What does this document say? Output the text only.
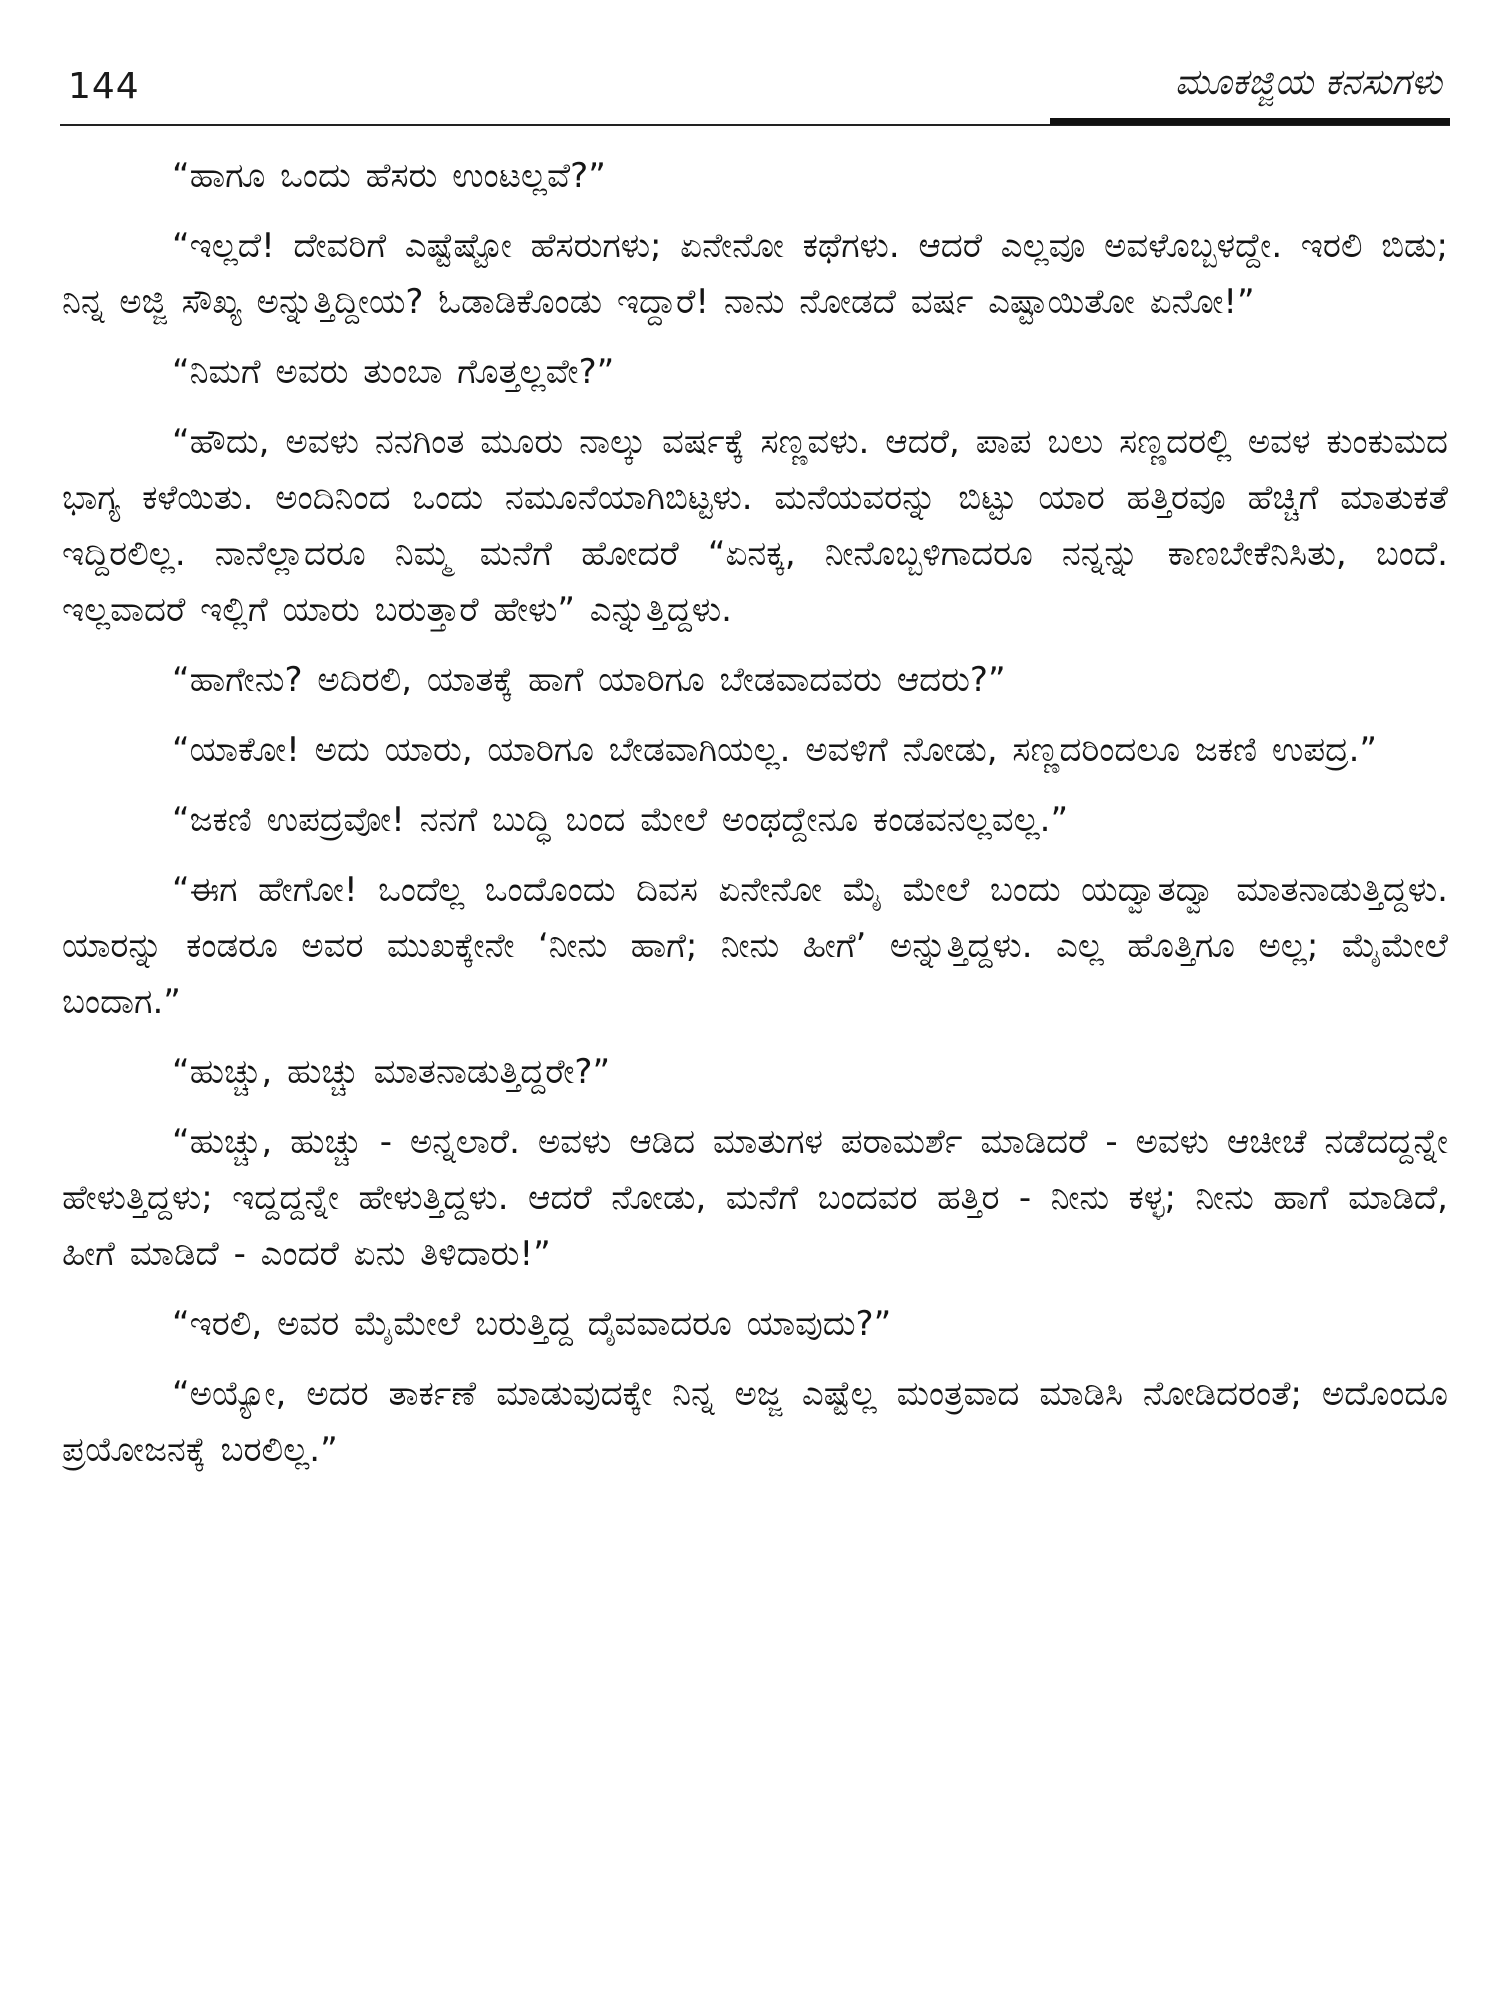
144	ಮೂಕಜ್ಜಿಯ ಕನಸುಗಳು

“ಹಾಗೂ ಒಂದು ಹೆಸರು ಉಂಟಲ್ಲವೆ?”

“ಇಲ್ಲದೆ! ದೇವರಿಗೆ ಎಷ್ಟೆಷ್ಟೋ ಹೆಸರುಗಳು; ಏನೇನೋ ಕಥೆಗಳು. ಆದರೆ ಎಲ್ಲವೂ ಅವಳೊಬ್ಬಳದ್ದೇ. ಇರಲಿ ಬಿಡು; ನಿನ್ನ ಅಜ್ಜಿ ಸೌಖ್ಯ ಅನ್ನುತ್ತಿದ್ದೀಯ? ಓಡಾಡಿಕೊಂಡು ಇದ್ದಾರೆ! ನಾನು ನೋಡದೆ ವರ್ಷ ಎಷ್ಟಾಯಿತೋ ಏನೋ!”

“ನಿಮಗೆ ಅವರು ತುಂಬಾ ಗೊತ್ತಲ್ಲವೇ?”

“ಹೌದು, ಅವಳು ನನಗಿಂತ ಮೂರು ನಾಲ್ಕು ವರ್ಷಕ್ಕೆ ಸಣ್ಣವಳು. ಆದರೆ, ಪಾಪ ಬಲು ಸಣ್ಣದರಲ್ಲಿ ಅವಳ ಕುಂಕುಮದ ಭಾಗ್ಯ ಕಳೆಯಿತು. ಅಂದಿನಿಂದ ಒಂದು ನಮೂನೆಯಾಗಿಬಿಟ್ಟಳು. ಮನೆಯವರನ್ನು ಬಿಟ್ಟು ಯಾರ ಹತ್ತಿರವೂ ಹೆಚ್ಚಿಗೆ ಮಾತುಕತೆ ಇದ್ದಿರಲಿಲ್ಲ. ನಾನೆಲ್ಲಾದರೂ ನಿಮ್ಮ ಮನೆಗೆ ಹೋದರೆ “ಏನಕ್ಕ, ನೀನೊಬ್ಬಳಿಗಾದರೂ ನನ್ನನ್ನು ಕಾಣಬೇಕೆನಿಸಿತು, ಬಂದೆ. ಇಲ್ಲವಾದರೆ ಇಲ್ಲಿಗೆ ಯಾರು ಬರುತ್ತಾರೆ ಹೇಳು” ಎನ್ನುತ್ತಿದ್ದಳು.

“ಹಾಗೇನು? ಅದಿರಲಿ, ಯಾತಕ್ಕೆ ಹಾಗೆ ಯಾರಿಗೂ ಬೇಡವಾದವರು ಆದರು?”

“ಯಾಕೋ! ಅದು ಯಾರು, ಯಾರಿಗೂ ಬೇಡವಾಗಿಯಲ್ಲ. ಅವಳಿಗೆ ನೋಡು, ಸಣ್ಣದರಿಂದಲೂ ಜಕಣಿ ಉಪದ್ರ.”

“ಜಕಣಿ ಉಪದ್ರವೋ! ನನಗೆ ಬುದ್ಧಿ ಬಂದ ಮೇಲೆ ಅಂಥದ್ದೇನೂ ಕಂಡವನಲ್ಲವಲ್ಲ.”

“ಈಗ ಹೇಗೋ! ಒಂದೆಲ್ಲ ಒಂದೊಂದು ದಿವಸ ಏನೇನೋ ಮೈ ಮೇಲೆ ಬಂದು ಯದ್ವಾತದ್ವಾ ಮಾತನಾಡುತ್ತಿದ್ದಳು. ಯಾರನ್ನು ಕಂಡರೂ ಅವರ ಮುಖಕ್ಕೇನೇ ‘ನೀನು ಹಾಗೆ; ನೀನು ಹೀಗೆ’ ಅನ್ನುತ್ತಿದ್ದಳು. ಎಲ್ಲ ಹೊತ್ತಿಗೂ ಅಲ್ಲ; ಮೈಮೇಲೆ ಬಂದಾಗ.”

“ಹುಚ್ಚು, ಹುಚ್ಚು ಮಾತನಾಡುತ್ತಿದ್ದರೇ?”

“ಹುಚ್ಚು, ಹುಚ್ಚು - ಅನ್ನಲಾರೆ. ಅವಳು ಆಡಿದ ಮಾತುಗಳ ಪರಾಮರ್ಶೆ ಮಾಡಿದರೆ - ಅವಳು ಆಚೀಚೆ ನಡೆದದ್ದನ್ನೇ ಹೇಳುತ್ತಿದ್ದಳು; ಇದ್ದದ್ದನ್ನೇ ಹೇಳುತ್ತಿದ್ದಳು. ಆದರೆ ನೋಡು, ಮನೆಗೆ ಬಂದವರ ಹತ್ತಿರ - ನೀನು ಕಳ್ಳ; ನೀನು ಹಾಗೆ ಮಾಡಿದೆ, ಹೀಗೆ ಮಾಡಿದೆ - ಎಂದರೆ ಏನು ತಿಳಿದಾರು!”

“ಇರಲಿ, ಅವರ ಮೈಮೇಲೆ ಬರುತ್ತಿದ್ದ ದೈವವಾದರೂ ಯಾವುದು?”

“ಅಯ್ಯೋ, ಅದರ ತಾರ್ಕಣೆ ಮಾಡುವುದಕ್ಕೇ ನಿನ್ನ ಅಜ್ಜ ಎಷ್ಟೆಲ್ಲ ಮಂತ್ರವಾದ ಮಾಡಿಸಿ ನೋಡಿದರಂತೆ; ಅದೊಂದೂ ಪ್ರಯೋಜನಕ್ಕೆ ಬರಲಿಲ್ಲ.”
